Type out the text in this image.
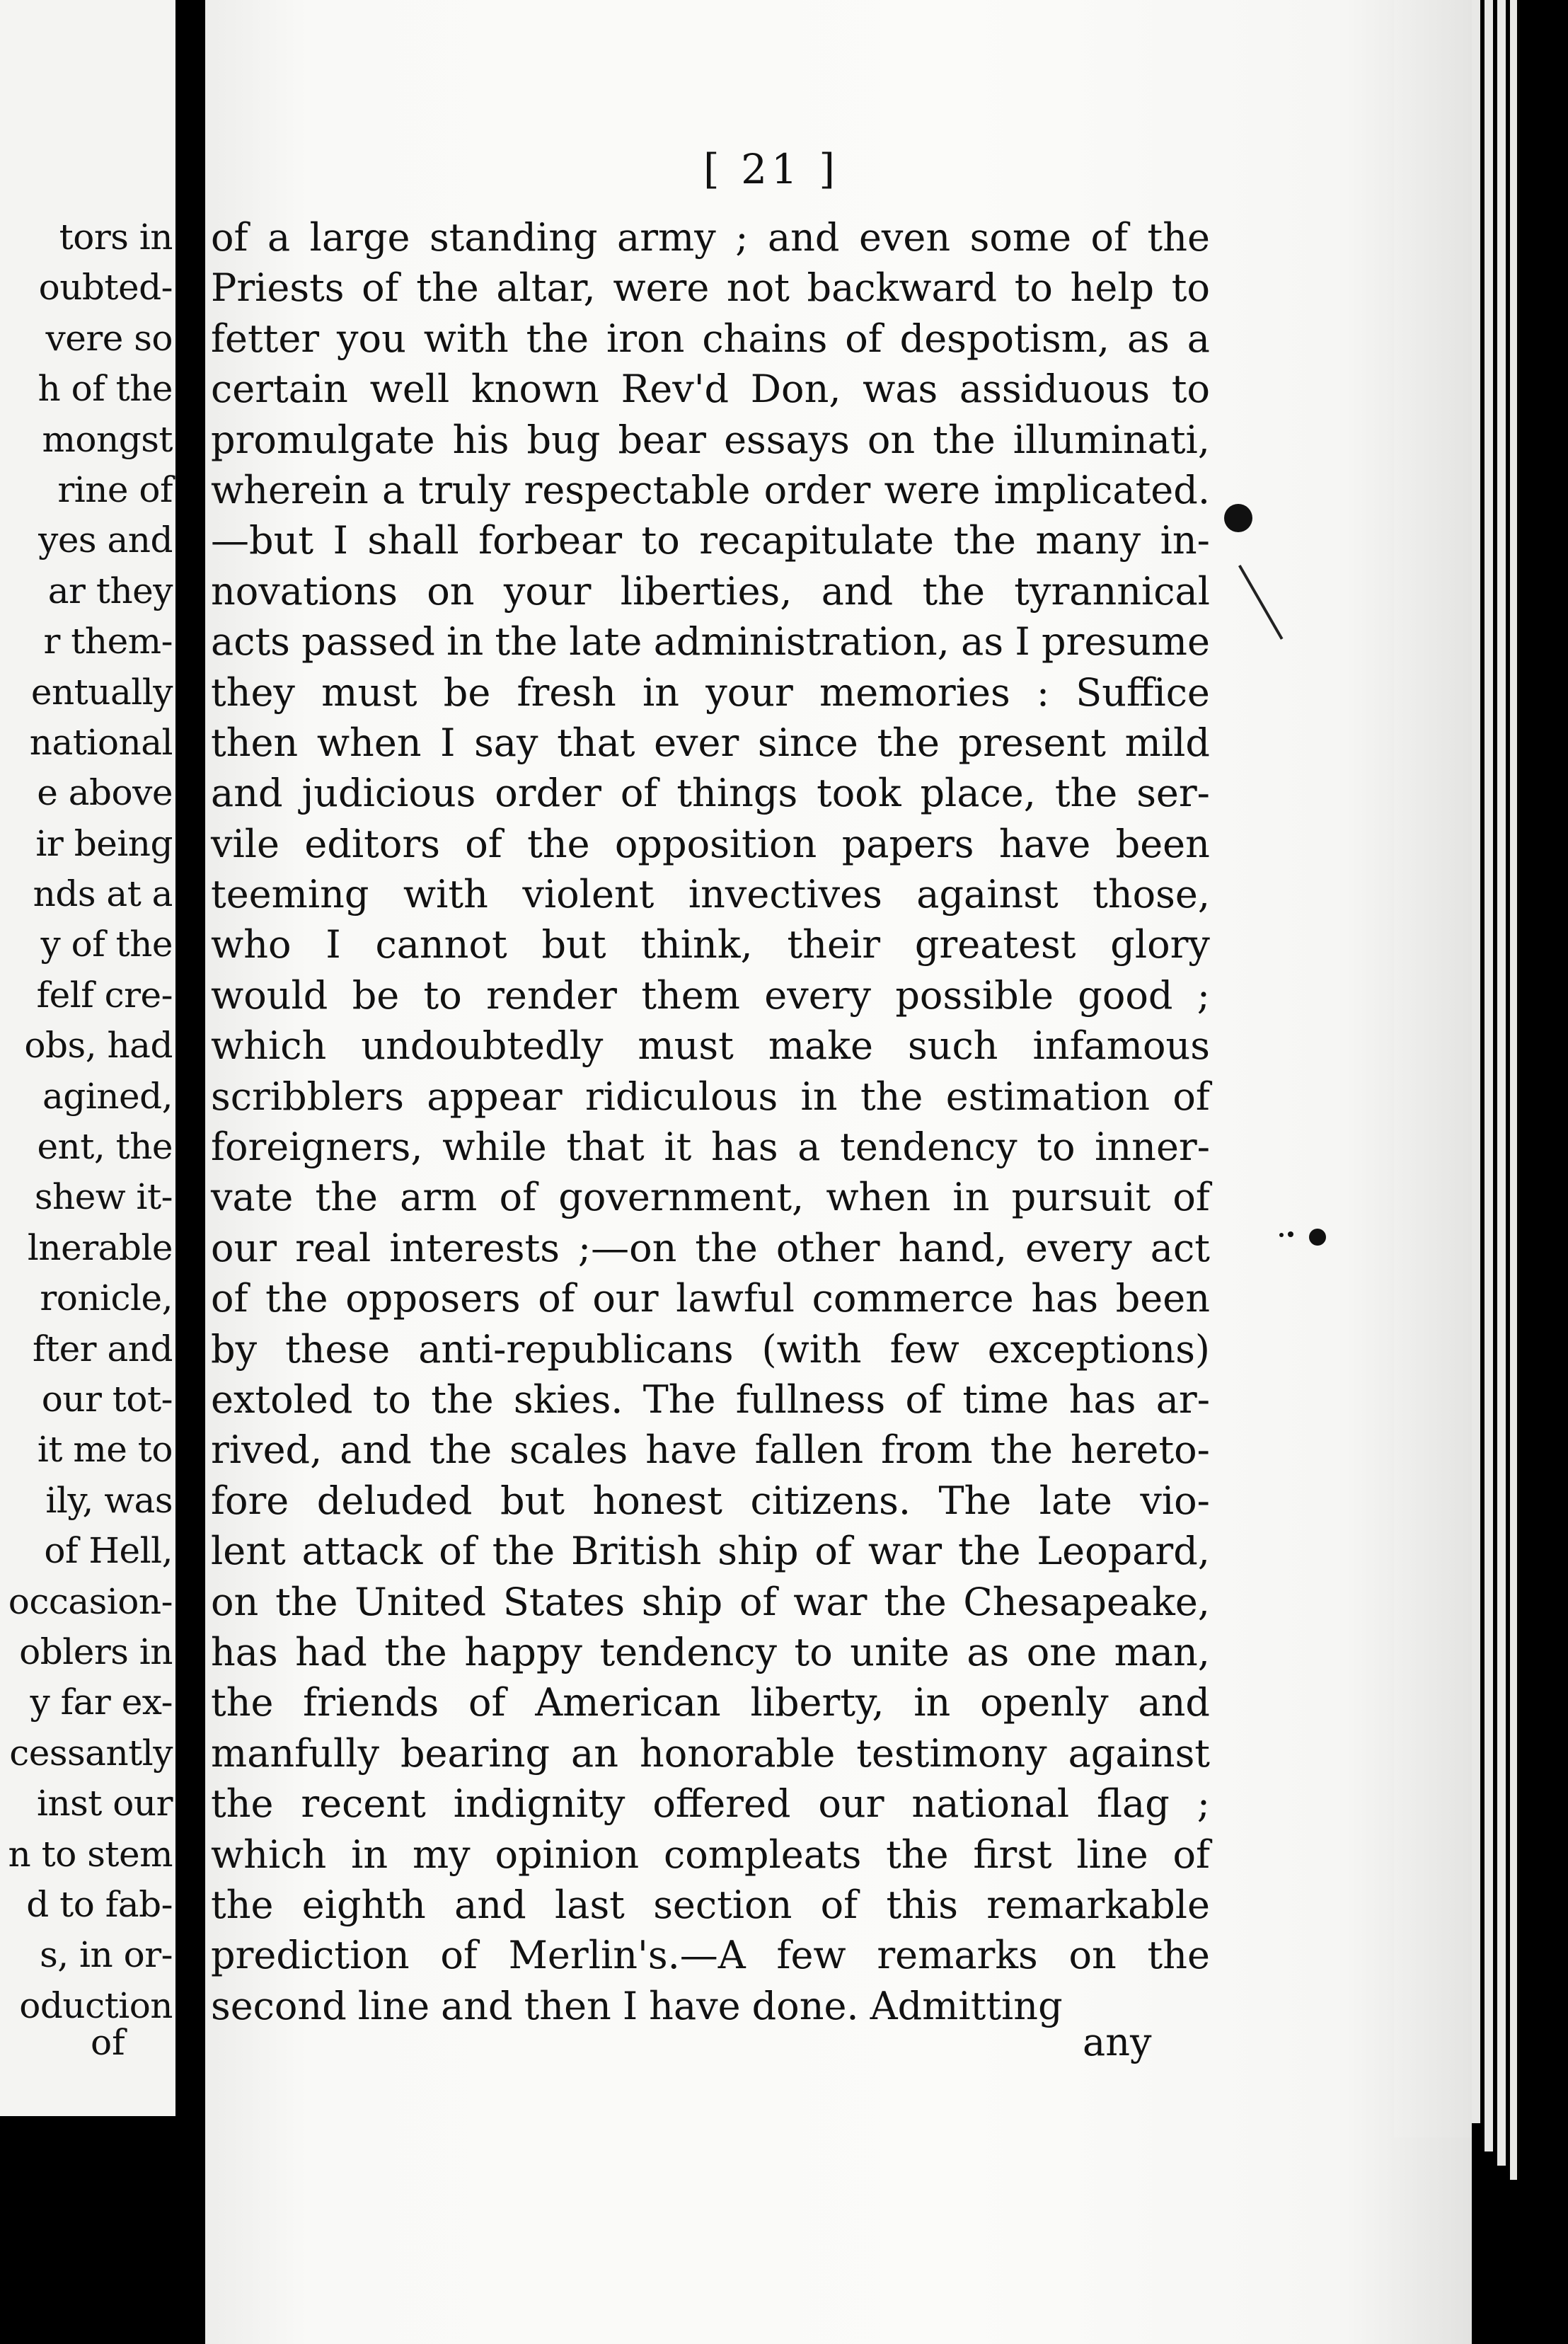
tors in
oubted-
vere so
h of the
mongst
rine of
yes and
ar they
r them-
entually
national
e above
ir being
nds at a
y of the
felf cre-
obs, had
agined,
ent, the
shew it-
lnerable
ronicle,
fter and
our tot-
it me to
ily, was
of Hell,
occasion-
oblers in
y far ex-
cessantly
inst our
n to stem
d to fab-
s, in or-
oduction
of
[ 21 ]
of a large standing army ; and even some of the
Priests of the altar, were not backward to help to
fetter you with the iron chains of despotism, as a
certain well known Rev'd Don, was assiduous to
promulgate his bug bear essays on the illuminati,
wherein a truly respectable order were implicated.
—but I shall forbear to recapitulate the many in-
novations on your liberties, and the tyrannical
acts passed in the late administration, as I presume
they must be fresh in your memories : Suffice
then when I say that ever since the present mild
and judicious order of things took place, the ser-
vile editors of the opposition papers have been
teeming with violent invectives against those,
who I cannot but think, their greatest glory
would be to render them every possible good ;
which undoubtedly must make such infamous
scribblers appear ridiculous in the estimation of
foreigners, while that it has a tendency to inner-
vate the arm of government, when in pursuit of
our real interests ;—on the other hand, every act
of the opposers of our lawful commerce has been
by these anti-republicans (with few exceptions)
extoled to the skies. The fullness of time has ar-
rived, and the scales have fallen from the hereto-
fore deluded but honest citizens. The late vio-
lent attack of the British ship of war the Leopard,
on the United States ship of war the Chesapeake,
has had the happy tendency to unite as one man,
the friends of American liberty, in openly and
manfully bearing an honorable testimony against
the recent indignity offered our national flag ;
which in my opinion compleats the first line of
the eighth and last section of this remarkable
prediction of Merlin's.—A few remarks on the
second line and then I have done. Admitting
any
